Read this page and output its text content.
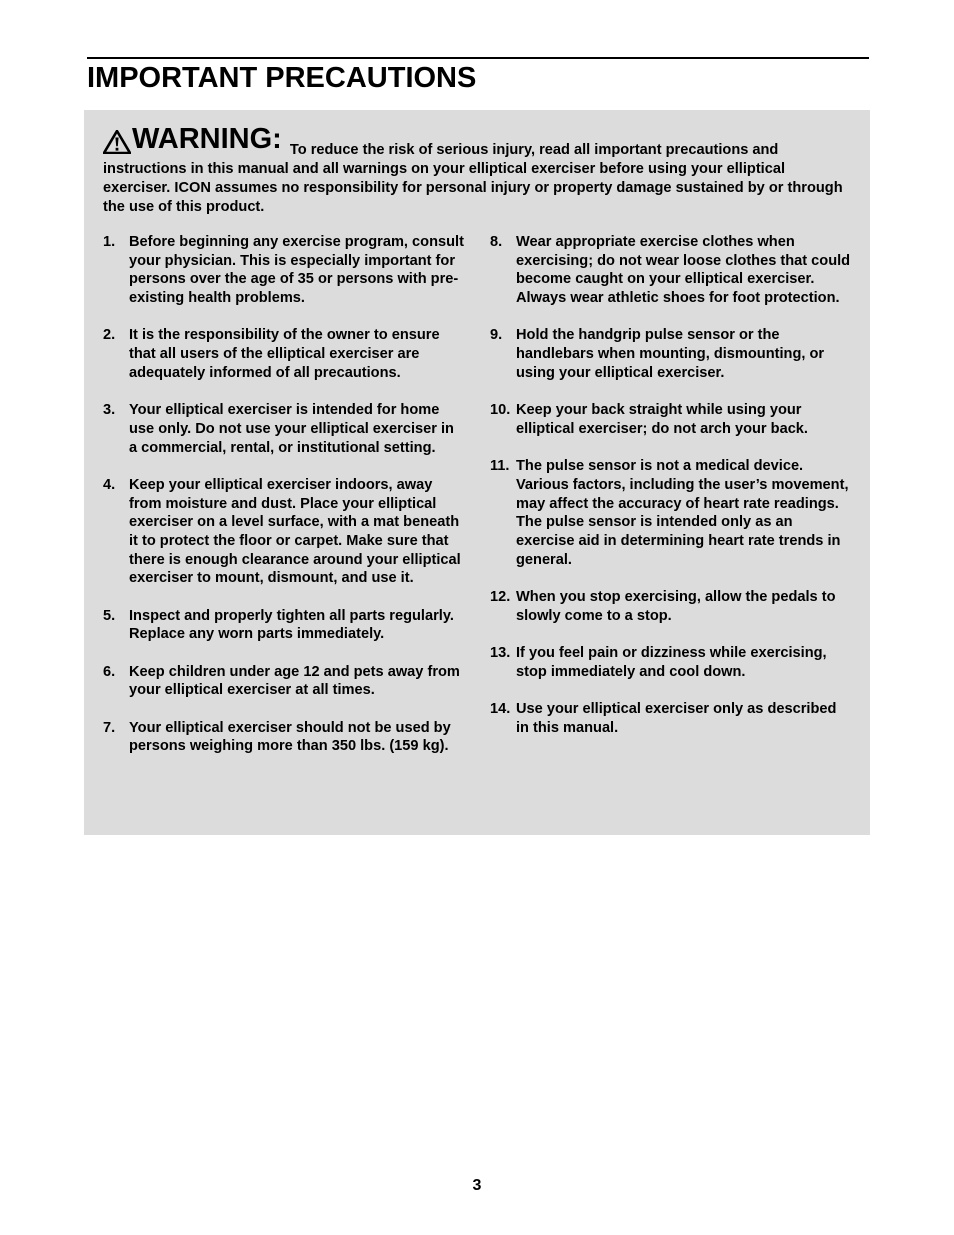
IMPORTANT PRECAUTIONS

WARNING: To reduce the risk of serious injury, read all important precautions and instructions in this manual and all warnings on your elliptical exerciser before using your elliptical exerciser. ICON assumes no responsibility for personal injury or property damage sustained by or through the use of this product.

1. Before beginning any exercise program, consult your physician. This is especially important for persons over the age of 35 or persons with pre-existing health problems.
2. It is the responsibility of the owner to ensure that all users of the elliptical exerciser are adequately informed of all precautions.
3. Your elliptical exerciser is intended for home use only. Do not use your elliptical exerciser in a commercial, rental, or institutional setting.
4. Keep your elliptical exerciser indoors, away from moisture and dust. Place your elliptical exerciser on a level surface, with a mat beneath it to protect the floor or carpet. Make sure that there is enough clearance around your elliptical exerciser to mount, dismount, and use it.
5. Inspect and properly tighten all parts regularly. Replace any worn parts immediately.
6. Keep children under age 12 and pets away from your elliptical exerciser at all times.
7. Your elliptical exerciser should not be used by persons weighing more than 350 lbs. (159 kg).
8. Wear appropriate exercise clothes when exercising; do not wear loose clothes that could become caught on your elliptical exerciser. Always wear athletic shoes for foot protection.
9. Hold the handgrip pulse sensor or the handlebars when mounting, dismounting, or using your elliptical exerciser.
10. Keep your back straight while using your elliptical exerciser; do not arch your back.
11. The pulse sensor is not a medical device. Various factors, including the user’s movement, may affect the accuracy of heart rate readings. The pulse sensor is intended only as an exercise aid in determining heart rate trends in general.
12. When you stop exercising, allow the pedals to slowly come to a stop.
13. If you feel pain or dizziness while exercising, stop immediately and cool down.
14. Use your elliptical exerciser only as described in this manual.
3
